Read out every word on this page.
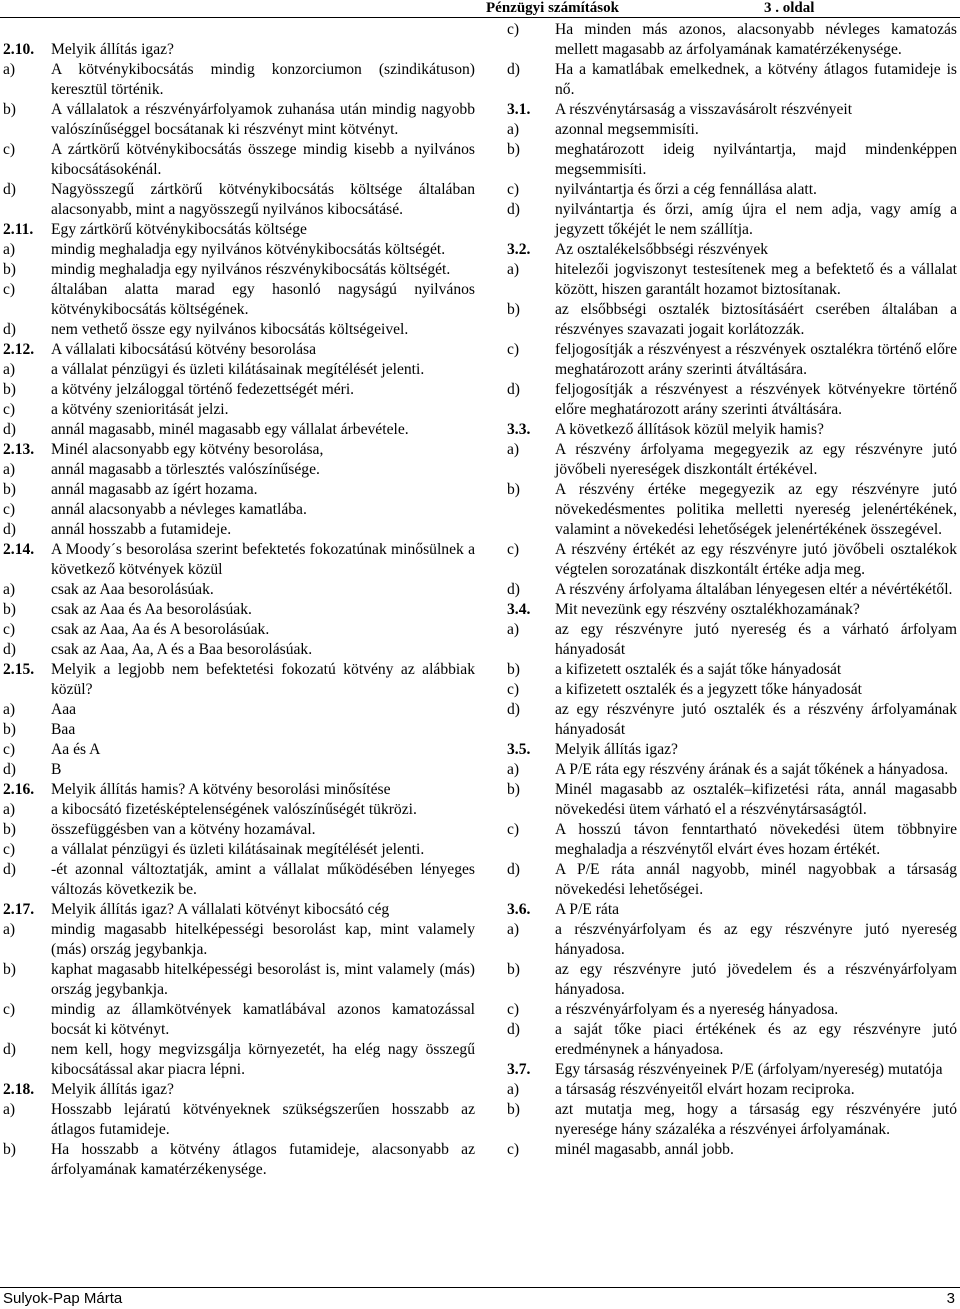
Pénzügyi számítások	3 . oldal
2.10. Melyik állítás igaz?
a) A kötvénykibocsátás mindig konzorciumon (szindikátuson) keresztül történik.
b) A vállalatok a részvényárfolyamok zuhanása után mindig nagyobb valószínűséggel bocsátanak ki részvényt mint kötvényt.
c) A zártkörű kötvénykibocsátás összege mindig kisebb a nyilvános kibocsátásokénál.
d) Nagyösszegű zártkörű kötvénykibocsátás költsége általában alacsonyabb, mint a nagyösszegű nyilvános kibocsátásé.
2.11. Egy zártkörű kötvénykibocsátás költsége
a) mindig meghaladja egy nyilvános kötvénykibocsátás költségét.
b) mindig meghaladja egy nyilvános részvénykibocsátás költségét.
c) általában alatta marad egy hasonló nagyságú nyilvános kötvénykibocsátás költségének.
d) nem vethető össze egy nyilvános kibocsátás költségeivel.
2.12. A vállalati kibocsátású kötvény besorolása
a) a vállalat pénzügyi és üzleti kilátásainak megítélését jelenti.
b) a kötvény jelzáloggal történő fedezettségét méri.
c) a kötvény szenioritását jelzi.
d) annál magasabb, minél magasabb egy vállalat árbevétele.
2.13. Minél alacsonyabb egy kötvény besorolása,
a) annál magasabb a törlesztés valószínűsége.
b) annál magasabb az ígért hozama.
c) annál alacsonyabb a névleges kamatlába.
d) annál hosszabb a futamideje.
2.14. A Moody´s besorolása szerint befektetés fokozatúnak minősülnek a következő kötvények közül
a) csak az Aaa besorolásúak.
b) csak az Aaa és Aa besorolásúak.
c) csak az Aaa, Aa és A besorolásúak.
d) csak az Aaa, Aa, A és a Baa besorolásúak.
2.15. Melyik a legjobb nem befektetési fokozatú kötvény az alábbiak közül?
a) Aaa
b) Baa
c) Aa és A
d) B
2.16. Melyik állítás hamis? A kötvény besorolási minősítése
a) a kibocsátó fizetésképtelenségének valószínűségét tükrözi.
b) összefüggésben van a kötvény hozamával.
c) a vállalat pénzügyi és üzleti kilátásainak megítélését jelenti.
d) -ét azonnal változtatják, amint a vállalat működésében lényeges változás következik be.
2.17. Melyik állítás igaz? A vállalati kötvényt kibocsátó cég
a) mindig magasabb hitelképességi besorolást kap, mint valamely (más) ország jegybankja.
b) kaphat magasabb hitelképességi besorolást is, mint valamely (más) ország jegybankja.
c) mindig az államkötvények kamatlábával azonos kamatozással bocsát ki kötvényt.
d) nem kell, hogy megvizsgálja környezetét, ha elég nagy összegű kibocsátással akar piacra lépni.
2.18. Melyik állítás igaz?
a) Hosszabb lejáratú kötvényeknek szükségszerűen hosszabb az átlagos futamideje.
b) Ha hosszabb a kötvény átlagos futamideje, alacsonyabb az árfolyamának kamatérzékenysége.
c) Ha minden más azonos, alacsonyabb névleges kamatozás mellett magasabb az árfolyamának kamatérzékenysége.
d) Ha a kamatlábak emelkednek, a kötvény átlagos futamideje is nő.
3.1. A részvénytársaság a visszavásárolt részvényeit
a) azonnal megsemmisíti.
b) meghatározott ideig nyilvántartja, majd mindenképpen megsemmisíti.
c) nyilvántartja és őrzi a cég fennállása alatt.
d) nyilvántartja és őrzi, amíg újra el nem adja, vagy amíg a jegyzett tőkéjét le nem szállítja.
3.2. Az osztalékelsőbbségi részvények
a) hitelezői jogviszonyt testesítenek meg a befektető és a vállalat között, hiszen garantált hozamot biztosítanak.
b) az elsőbbségi osztalék biztosításáért cserében általában a részvényes szavazati jogait korlátozzák.
c) feljogosítják a részvényest a részvények osztalékra történő előre meghatározott arány szerinti átváltására.
d) feljogosítják a részvényest a részvények kötvényekre történő előre meghatározott arány szerinti átváltására.
3.3. A következő állítások közül melyik hamis?
a) A részvény árfolyama megegyezik az egy részvényre jutó jövőbeli nyereségek diszkontált értékével.
b) A részvény értéke megegyezik az egy részvényre jutó növekedésmentes politika melletti nyereség jelenértékének, valamint a növekedési lehetőségek jelenértékének összegével.
c) A részvény értékét az egy részvényre jutó jövőbeli osztalékok végtelen sorozatának diszkontált értéke adja meg.
d) A részvény árfolyama általában lényegesen eltér a névértékétől.
3.4. Mit nevezünk egy részvény osztalékhozamának?
a) az egy részvényre jutó nyereség és a várható árfolyam hányadosát
b) a kifizetett osztalék és a saját tőke hányadosát
c) a kifizetett osztalék és a jegyzett tőke hányadosát
d) az egy részvényre jutó osztalék és a részvény árfolyamának hányadosát
3.5. Melyik állítás igaz?
a) A P/E ráta egy részvény árának és a saját tőkének a hányadosa.
b) Minél magasabb az osztalék–kifizetési ráta, annál magasabb növekedési ütem várható el a részvénytársaságtól.
c) A hosszú távon fenntartható növekedési ütem többnyire meghaladja a részvénytől elvárt éves hozam értékét.
d) A P/E ráta annál nagyobb, minél nagyobbak a társaság növekedési lehetőségei.
3.6. A P/E ráta
a) a részvényárfolyam és az egy részvényre jutó nyereség hányadosa.
b) az egy részvényre jutó jövedelem és a részvényárfolyam hányadosa.
c) a részvényárfolyam és a nyereség hányadosa.
d) a saját tőke piaci értékének és az egy részvényre jutó eredménynek a hányadosa.
3.7. Egy társaság részvényeinek P/E (árfolyam/nyereség) mutatója
a) a társaság részvényeitől elvárt hozam reciproka.
b) azt mutatja meg, hogy a társaság egy részvényére jutó nyeresége hány százaléka a részvényei árfolyamának.
c) minél magasabb, annál jobb.
Sulyok-Pap Márta	3
